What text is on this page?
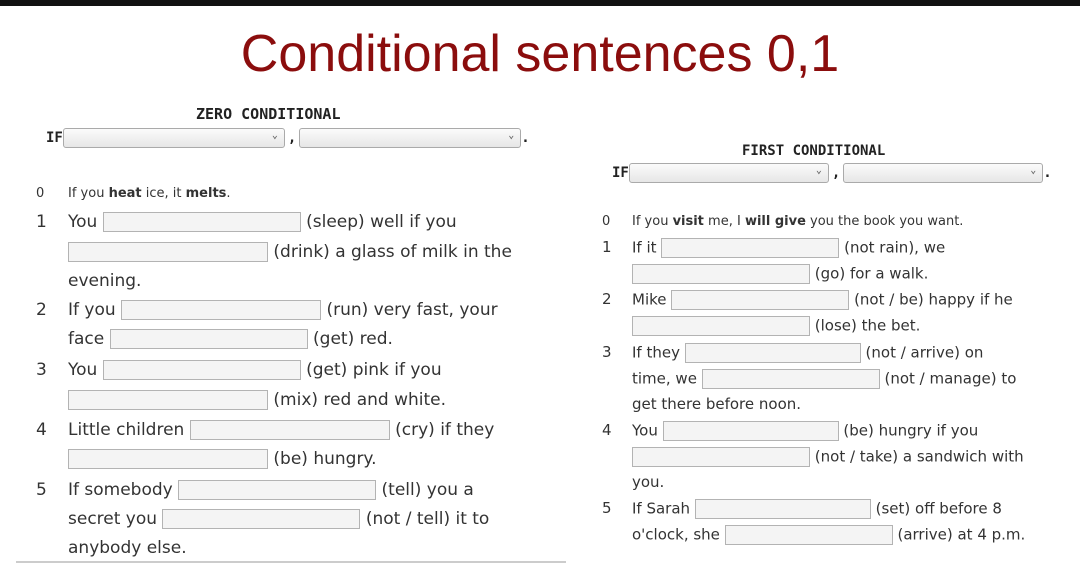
Conditional sentences 0,1
ZERO CONDITIONAL
IF	⌄ ,	⌄ .
0 If you heat ice, it melts.
1 You	(sleep) well if you
(drink) a glass of milk in the
evening.
2 If you	(run) very fast, your
face	(get) red.
3 You	(get) pink if you
(mix) red and white.
4 Little children	(cry) if they
(be) hungry.
5 If somebody	(tell) you a
secret you	(not / tell) it to
anybody else.
FIRST CONDITIONAL
IF	⌄ ,	⌄ .
0 If you visit me, I will give you the book you want.
1 If it	(not rain), we
(go) for a walk.
2 Mike	(not / be) happy if he
(lose) the bet.
3 If they	(not / arrive) on
time, we	(not / manage) to
get there before noon.
4 You	(be) hungry if you
(not / take) a sandwich with
you.
5 If Sarah	(set) off before 8
o'clock, she	(arrive) at 4 p.m.
